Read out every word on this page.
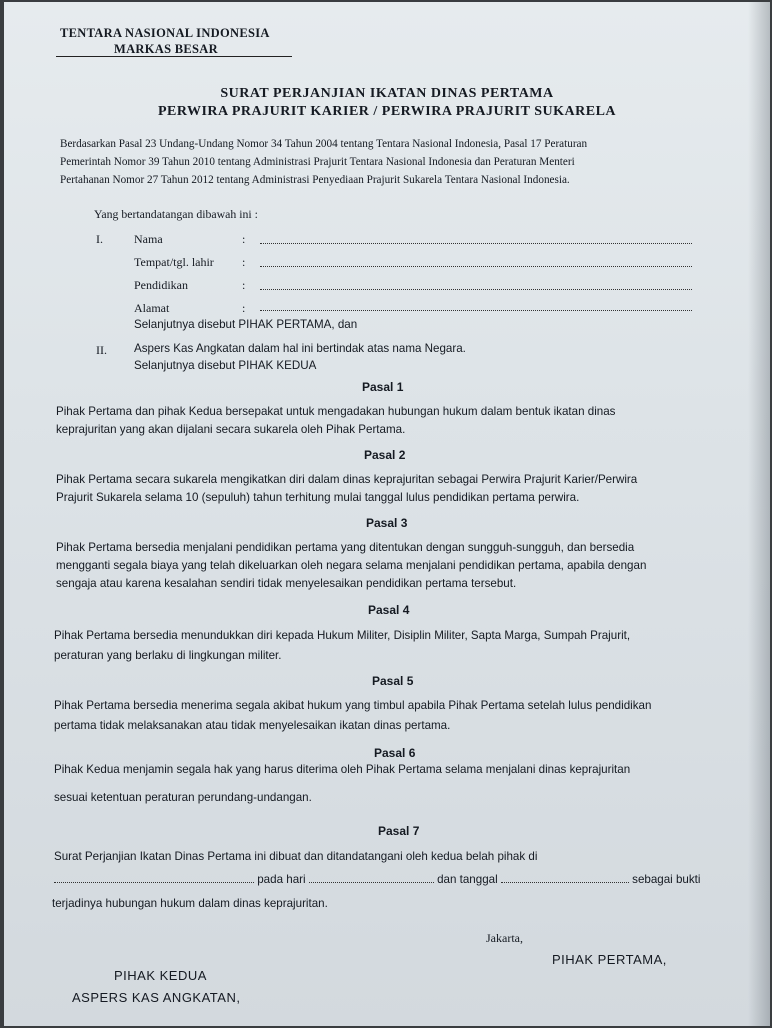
TENTARA NASIONAL INDONESIA
MARKAS BESAR
SURAT PERJANJIAN IKATAN DINAS PERTAMA
PERWIRA PRAJURIT KARIER / PERWIRA PRAJURIT SUKARELA
Berdasarkan Pasal 23 Undang-Undang Nomor 34 Tahun 2004 tentang Tentara Nasional Indonesia, Pasal 17 Peraturan
Pemerintah Nomor 39 Tahun 2010 tentang Administrasi Prajurit Tentara Nasional Indonesia dan Peraturan Menteri
Pertahanan Nomor 27 Tahun 2012 tentang Administrasi Penyediaan Prajurit Sukarela Tentara Nasional Indonesia.
Yang bertandatangan dibawah ini :
I.	Nama	:
Tempat/tgl. lahir :
Pendidikan	:
Alamat	:
Selanjutnya disebut PIHAK PERTAMA, dan
II. Aspers Kas Angkatan dalam hal ini bertindak atas nama Negara.
Selanjutnya disebut PIHAK KEDUA
Pasal 1
Pihak Pertama dan pihak Kedua bersepakat untuk mengadakan hubungan hukum dalam bentuk ikatan dinas
keprajuritan yang akan dijalani secara sukarela oleh Pihak Pertama.
Pasal 2
Pihak Pertama secara sukarela mengikatkan diri dalam dinas keprajuritan sebagai Perwira Prajurit Karier/Perwira
Prajurit Sukarela selama 10 (sepuluh) tahun terhitung mulai tanggal lulus pendidikan pertama perwira.
Pasal 3
Pihak Pertama bersedia menjalani pendidikan pertama yang ditentukan dengan sungguh-sungguh, dan bersedia
mengganti segala biaya yang telah dikeluarkan oleh negara selama menjalani pendidikan pertama, apabila dengan
sengaja atau karena kesalahan sendiri tidak menyelesaikan pendidikan pertama tersebut.
Pasal 4
Pihak Pertama bersedia menundukkan diri kepada Hukum Militer, Disiplin Militer, Sapta Marga, Sumpah Prajurit,
peraturan yang berlaku di lingkungan militer.
Pasal 5
Pihak Pertama bersedia menerima segala akibat hukum yang timbul apabila Pihak Pertama setelah lulus pendidikan
pertama tidak melaksanakan atau tidak menyelesaikan ikatan dinas pertama.
Pasal 6
Pihak Kedua menjamin segala hak yang harus diterima oleh Pihak Pertama selama menjalani dinas keprajuritan
sesuai ketentuan peraturan perundang-undangan.
Pasal 7
Surat Perjanjian Ikatan Dinas Pertama ini dibuat dan ditandatangani oleh kedua belah pihak di
pada hari	dan tanggal	sebagai bukti
terjadinya hubungan hukum dalam dinas keprajuritan.
Jakarta,
PIHAK PERTAMA,
PIHAK KEDUA
ASPERS KAS ANGKATAN,
